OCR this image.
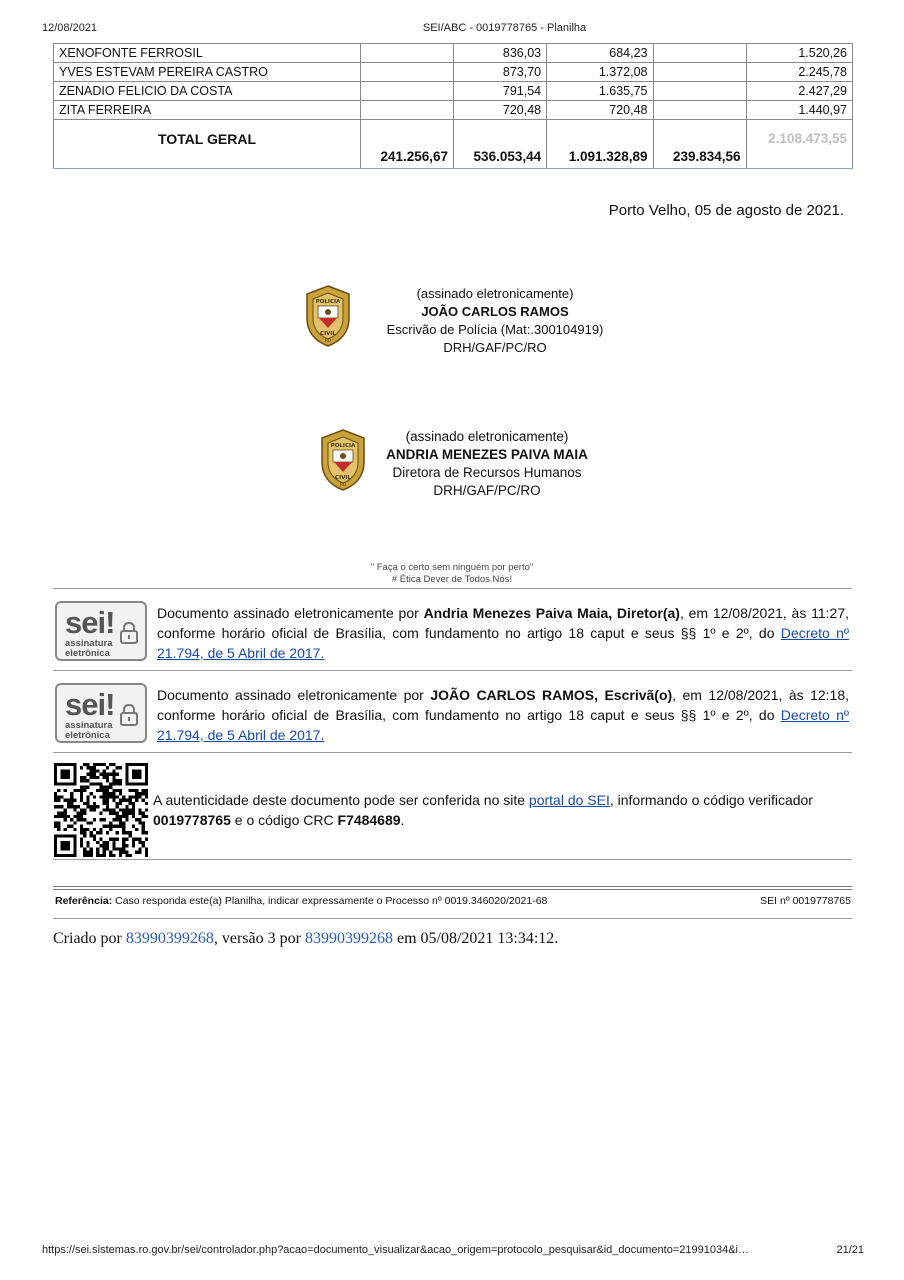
12/08/2021	SEI/ABC - 0019778765 - Planilha
XENOFONTE FERROSIL		836,03	684,23		1.520,26
YVES ESTEVAM PEREIRA CASTRO		873,70	1.372,08		2.245,78
ZENADIO FELICIO DA COSTA		791,54	1.635,75		2.427,29
ZITA FERREIRA		720,48	720,48		1.440,97
TOTAL GERAL	241.256,67	536.053,44	1.091.328,89	239.834,56	2.108.473,55
Porto Velho, 05 de agosto de 2021.
POLICIA
CIVIL
RO
(assinado eletronicamente)
JOÃO CARLOS RAMOS
Escrivão de Polícia (Mat:.300104919)
DRH/GAF/PC/RO
POLICIA
CIVIL
RO
(assinado eletronicamente)
ANDRIA MENEZES PAIVA MAIA
Diretora de Recursos Humanos
DRH/GAF/PC/RO
" Faça o certo sem ninguém por perto"
# Ética Dever de Todos Nós!
sei!
assinatura
eletrônica
Documento assinado eletronicamente por Andria Menezes Paiva Maia, Diretor(a), em 12/08/2021, às 11:27, conforme horário oficial de Brasília, com fundamento no artigo 18 caput e seus §§ 1º e 2º, do Decreto nº 21.794, de 5 Abril de 2017.
sei!
assinatura
eletrônica
Documento assinado eletronicamente por JOÃO CARLOS RAMOS, Escrivã(o), em 12/08/2021, às 12:18, conforme horário oficial de Brasília, com fundamento no artigo 18 caput e seus §§ 1º e 2º, do Decreto nº 21.794, de 5 Abril de 2017.
A autenticidade deste documento pode ser conferida no site portal do SEI, informando o código verificador 0019778765 e o código CRC F7484689.
Referência: Caso responda este(a) Planilha, indicar expressamente o Processo nº 0019.346020/2021-68	SEI nº 0019778765
Criado por 83990399268, versão 3 por 83990399268 em 05/08/2021 13:34:12.
https://sei.sistemas.ro.gov.br/sei/controlador.php?acao=documento_visualizar&acao_origem=protocolo_pesquisar&id_documento=21991034&i…	21/21
